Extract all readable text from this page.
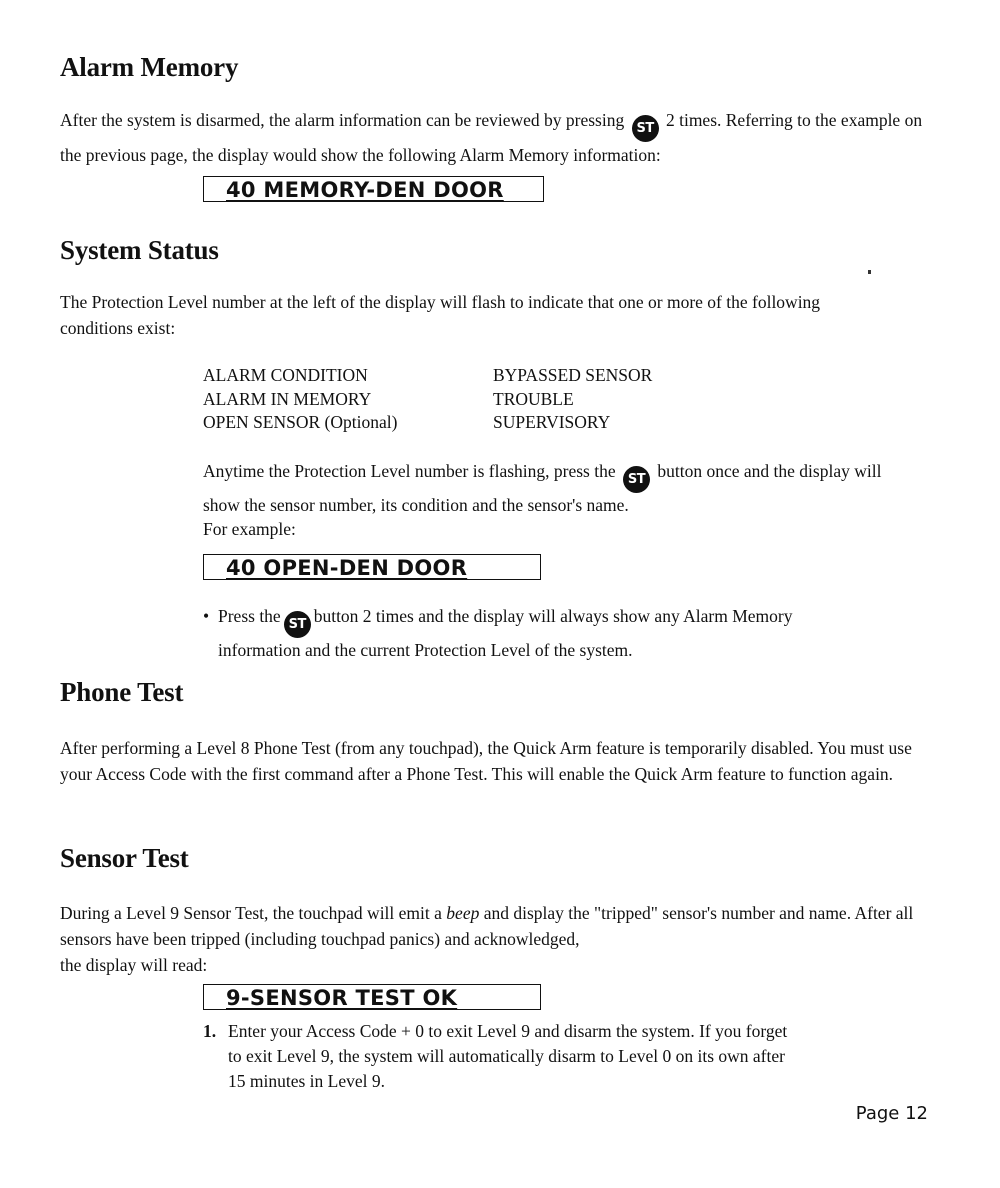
Alarm Memory

After the system is disarmed, the alarm information can be reviewed by pressing ST 2 times. Referring to the example on the previous page, the display would show the following Alarm Memory information:

40 MEMORY-DEN DOOR
System Status
The Protection Level number at the left of the display will flash to indicate that one or more of the following conditions exist:
ALARM CONDITION
ALARM IN MEMORY
OPEN SENSOR (Optional)
BYPASSED SENSOR
TROUBLE
SUPERVISORY

Anytime the Protection Level number is flashing, press the ST button once and the display will show the sensor number, its condition and the sensor's name.

For example:

40 OPEN-DEN DOOR
• Press the ST button 2 times and the display will always show any Alarm Memory information and the current Protection Level of the system.
Phone Test
After performing a Level 8 Phone Test (from any touchpad), the Quick Arm feature is temporarily disabled. You must use your Access Code with the first command after a Phone Test. This will enable the Quick Arm feature to function again.
Sensor Test

During a Level 9 Sensor Test, the touchpad will emit a beep and display the "tripped" sensor's number and name. After all sensors have been tripped (including touchpad panics) and acknowledged,

the display will read:

9-SENSOR TEST OK
1. Enter your Access Code + 0 to exit Level 9 and disarm the system. If you forget to exit Level 9, the system will automatically disarm to Level 0 on its own after 15 minutes in Level 9.
Page 12
